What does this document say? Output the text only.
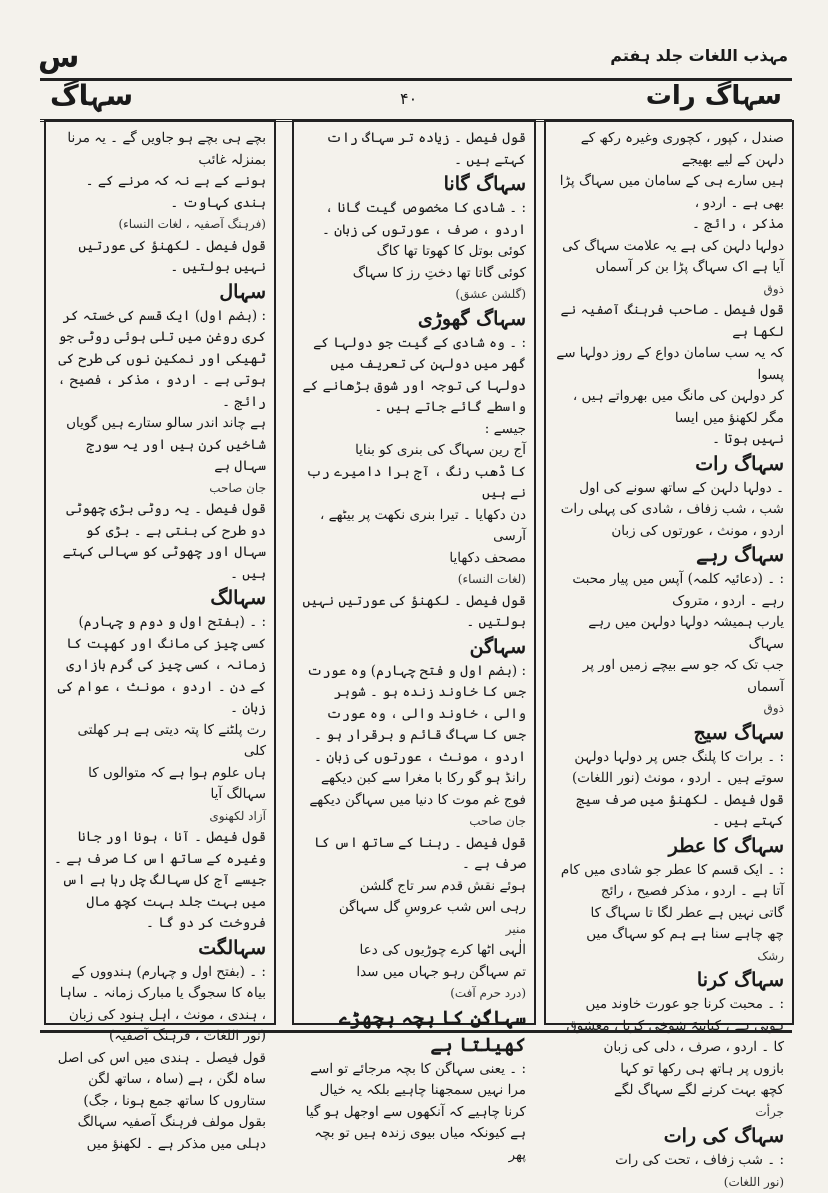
س	مہذب اللغات جلد ہفتم
سہاگ	۴۰	سہاگ رات

صندل ، کپور ، کچوری وغیرہ رکھ کے دلہن کے لیے بھیجے

ہیں سارے ہی کے سامان میں سہاگ پڑا بھی ہے ۔ اردو ،

مذکر ، رائج ۔

دولہا دلہن کی ہے یہ علامت سہاگ کی

آیا ہے اک سہاگ پڑا بن کر آسماں

ذوق

قول فیصل ۔ صاحب فرہنگ آصفیہ نے لکھا ہے

کہ یہ سب سامان دواع کے روز دولہا سے پسوا

کر دولہن کی مانگ میں بھرواتے ہیں ، مگر لکھنؤ میں ایسا

نہیں ہوتا ۔

سہاگ رات

۔ دولہا دلہن کے ساتھ سونے کی اول شب ، شب زفاف ، شادی کی پہلی رات

اردو ، مونث ، عورتوں کی زبان

سہاگ رہے

: ۔ (دعائیہ کلمہ) آپس میں پیار محبت رہے ۔ اردو ، متروک

یارب ہمیشہ دولہا دولہن میں رہے سہاگ

جب تک کہ جو سے بیچے زمیں اور پر آسماں

ذوق

سہاگ سیج

: ۔ برات کا پلنگ جس پر دولہا دولہن سوتے ہیں ۔ اردو ، مونث (نور اللغات)

قول فیصل ۔ لکھنؤ میں صرف سیج کہتے ہیں ۔

سہاگ کا عطر

: ۔ ایک قسم کا عطر جو شادی میں کام آتا ہے ۔ اردو ، مذکر فصیح ، رائج

گاتی نہیں ہے عطر لگا تا سہاگ کا

چھ چاہے سنا ہے ہم کو سہاگ میں

رشک

سہاگ کرنا

: ۔ محبت کرنا جو عورت خاوند میں ہوتی ہے ، کنایتہً شوخی کرنا ، معشوق کا ۔ اردو ، صرف ، دلی کی زبان

بازوں پر ہاتھ ہی رکھا تو کہا

کچھ بہت کرنے لگے سہاگ لگے

جرأت

سہاگ کی رات

: ۔ شب زفاف ، تحت کی رات

(نور اللغات)

قول فیصل ۔ زیادہ تر سہاگ رات کہتے ہیں ۔

سہاگ گانا

: ۔ شادی کا مخصوص گیت گانا ، اردو ، صرف ، عورتوں کی زبان ۔

کوئی بوتل کا کھوتا تھا کاگ

کوئی گاتا تھا دختِ رز کا سہاگ

(گلشن عشق)

سہاگ گھوڑی

: ۔ وہ شادی کے گیت جو دولہا کے گھر میں دولہن کی تعریف میں دولہا کی توجہ اور شوق بڑھانے کے واسطے گائے جاتے ہیں ۔

جیسے :

آج رین سہاگ کی بنری کو بنایا

کا ڈھب رنگ ، آج برا دامیرے رب نے ہیں

دن دکھایا ۔ تیرا بنری نکھت پر بیٹھے ، آرسی

مصحف دکھایا

(لغات النساء)

قول فیصل ۔ لکھنؤ کی عورتیں نہیں بولتیں ۔

سہاگن

: (بضم اول و فتح چہارم) وہ عورت جس کا خاوند زندہ ہو ۔ شوہر والی ، خاوند والی ، وہ عورت جس کا سہاگ قائم و برقرار ہو ۔ اردو ، مونث ، عورتوں کی زبان ۔

رانڈ ہو گو رکا با مغرا سے کبن دیکھے

فوج غم موت کا دنیا میں سہاگن دیکھے

جان صاحب

قول فیصل ۔ رہنا کے ساتھ اس کا صرف ہے ۔

ہوئے نقش قدم سر تاج گلشن

رہی اس شب عروسِ گل سہاگن

منیر

الٰہی اٹھا کرے چوڑیوں کی دعا

تم سہاگن رہو جہاں میں سدا

(درد حرم آفت)

سہاگن کا بچہ بچھڑے کھیلتا ہے

: ۔ یعنی سہاگن کا بچہ مرجائے تو اسے مرا نہیں سمجھنا چاہیے بلکہ یہ خیال کرنا چاہیے کہ آنکھوں سے اوجھل ہو گیا ہے کیونکہ میاں بیوی زندہ ہیں تو بچہ پھر

بچے ہی بچے ہو جاویں گے ۔ یہ مرنا بمنزلہ غائب

ہونے کے ہے نہ کہ مرنے کے ۔ ہندی کہاوت ۔

(فرہنگ آصفیہ ، لغات النساء)

قول فیصل ۔ لکھنؤ کی عورتیں نہیں بولتیں ۔

سہال

: (بضم اول) ایک قسم کی خستہ کر کری روغن میں تلی ہوئی روٹی جو ٹھیکی اور نمکین نوں کی طرح کی ہوتی ہے ۔ اردو ، مذکر ، فصیح ، رائج ۔

ہے چاند اندر سالو ستارے ہیں گویاں

شاخیں کرن ہیں اور یہ سورج سہال ہے

جان صاحب

قول فیصل ۔ یہ روٹی بڑی چھوٹی دو طرح کی بنتی ہے ۔ بڑی کو سہال اور چھوٹی کو سہالی کہتے ہیں ۔

سہالگ

: ۔ (بفتح اول و دوم و چہارم) کسی چیز کی مانگ اور کھپت کا زمانہ ، کسی چیز کی گرم بازاری کے دن ۔ اردو ، مونث ، عوام کی زبان ۔

رت پلٹنے کا پتہ دیتی ہے ہر کھلتی کلی

ہاں علوم ہوا ہے کہ متوالوں کا سہالگ آیا

آزاد لکھنوی

قول فیصل ۔ آنا ، ہونا اور جانا وغیرہ کے ساتھ اس کا صرف ہے ۔ جیسے آج کل سہالگ چل رہا ہے اس میں بہت جلد بہت کچھ مال فروخت کر دو گا ۔

سہالگت

: ۔ (بفتح اول و چہارم) ہندووں کے بیاہ کا سجوگ یا مبارک زمانہ ۔ ساہا ، ہندی ، مونث ، اہل ہنود کی زبان (نور اللغات ، فرہنگ آصفیہ)

قول فیصل ۔ ہندی میں اس کی اصل ساہ لگن ، ہے (ساہ ، ساتھ لگن ستاروں کا ساتھ جمع ہونا ، جگ) بقول مولف فرہنگ آصفیہ سہالگ دہلی میں مذکر ہے ۔ لکھنؤ میں
